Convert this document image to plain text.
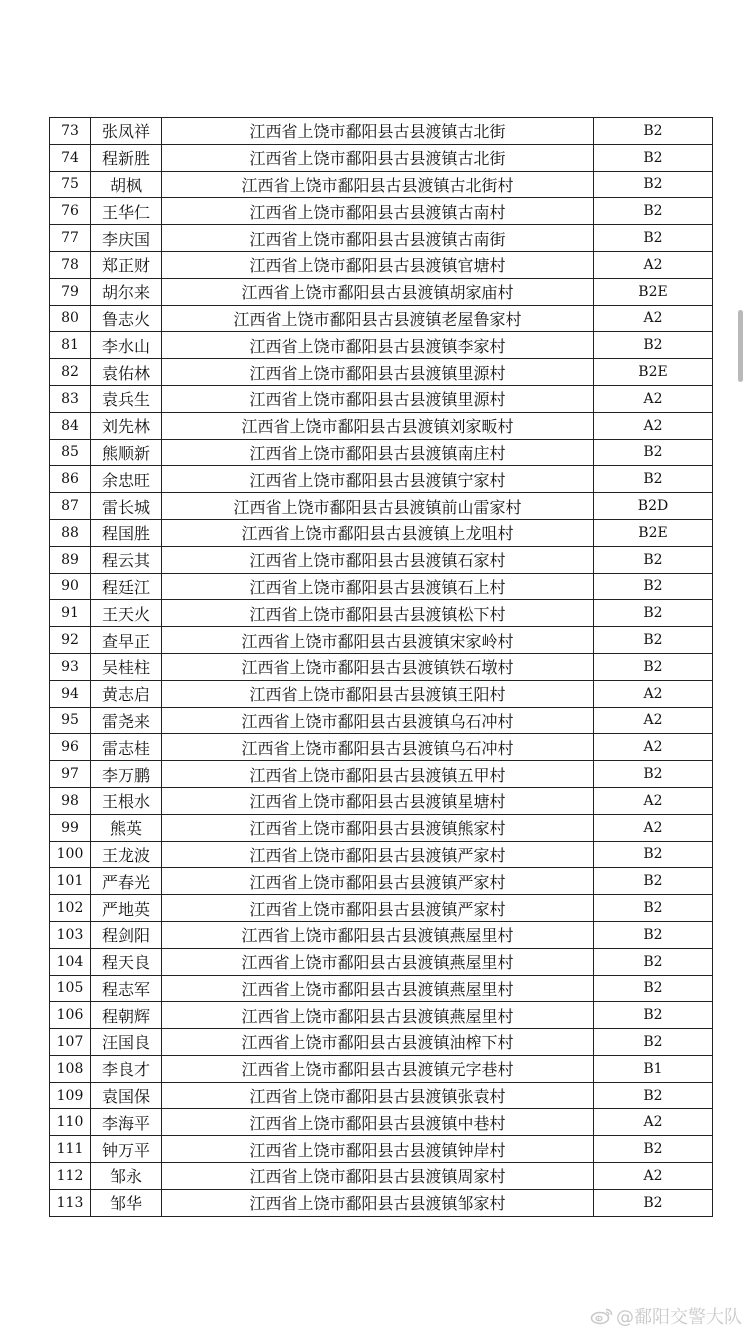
73	张凤祥	江西省上饶市鄱阳县古县渡镇古北街	B2
74	程新胜	江西省上饶市鄱阳县古县渡镇古北街	B2
75	胡枫	江西省上饶市鄱阳县古县渡镇古北街村	B2
76	王华仁	江西省上饶市鄱阳县古县渡镇古南村	B2
77	李庆国	江西省上饶市鄱阳县古县渡镇古南街	B2
78	郑正财	江西省上饶市鄱阳县古县渡镇官塘村	A2
79	胡尔来	江西省上饶市鄱阳县古县渡镇胡家庙村	B2E
80	鲁志火	江西省上饶市鄱阳县古县渡镇老屋鲁家村	A2
81	李水山	江西省上饶市鄱阳县古县渡镇李家村	B2
82	袁佑林	江西省上饶市鄱阳县古县渡镇里源村	B2E
83	袁兵生	江西省上饶市鄱阳县古县渡镇里源村	A2
84	刘先林	江西省上饶市鄱阳县古县渡镇刘家畈村	A2
85	熊顺新	江西省上饶市鄱阳县古县渡镇南庄村	B2
86	余忠旺	江西省上饶市鄱阳县古县渡镇宁家村	B2
87	雷长城	江西省上饶市鄱阳县古县渡镇前山雷家村	B2D
88	程国胜	江西省上饶市鄱阳县古县渡镇上龙咀村	B2E
89	程云其	江西省上饶市鄱阳县古县渡镇石家村	B2
90	程廷江	江西省上饶市鄱阳县古县渡镇石上村	B2
91	王天火	江西省上饶市鄱阳县古县渡镇松下村	B2
92	查早正	江西省上饶市鄱阳县古县渡镇宋家岭村	B2
93	吴桂柱	江西省上饶市鄱阳县古县渡镇铁石墩村	B2
94	黄志启	江西省上饶市鄱阳县古县渡镇王阳村	A2
95	雷尧来	江西省上饶市鄱阳县古县渡镇乌石冲村	A2
96	雷志桂	江西省上饶市鄱阳县古县渡镇乌石冲村	A2
97	李万鹏	江西省上饶市鄱阳县古县渡镇五甲村	B2
98	王根水	江西省上饶市鄱阳县古县渡镇星塘村	A2
99	熊英	江西省上饶市鄱阳县古县渡镇熊家村	A2
100	王龙波	江西省上饶市鄱阳县古县渡镇严家村	B2
101	严春光	江西省上饶市鄱阳县古县渡镇严家村	B2
102	严地英	江西省上饶市鄱阳县古县渡镇严家村	B2
103	程剑阳	江西省上饶市鄱阳县古县渡镇燕屋里村	B2
104	程天良	江西省上饶市鄱阳县古县渡镇燕屋里村	B2
105	程志军	江西省上饶市鄱阳县古县渡镇燕屋里村	B2
106	程朝辉	江西省上饶市鄱阳县古县渡镇燕屋里村	B2
107	汪国良	江西省上饶市鄱阳县古县渡镇油榨下村	B2
108	李良才	江西省上饶市鄱阳县古县渡镇元字巷村	B1
109	袁国保	江西省上饶市鄱阳县古县渡镇张袁村	B2
110	李海平	江西省上饶市鄱阳县古县渡镇中巷村	A2
111	钟万平	江西省上饶市鄱阳县古县渡镇钟岸村	B2
112	邹永	江西省上饶市鄱阳县古县渡镇周家村	A2
113	邹华	江西省上饶市鄱阳县古县渡镇邹家村	B2
@鄱阳交警大队
